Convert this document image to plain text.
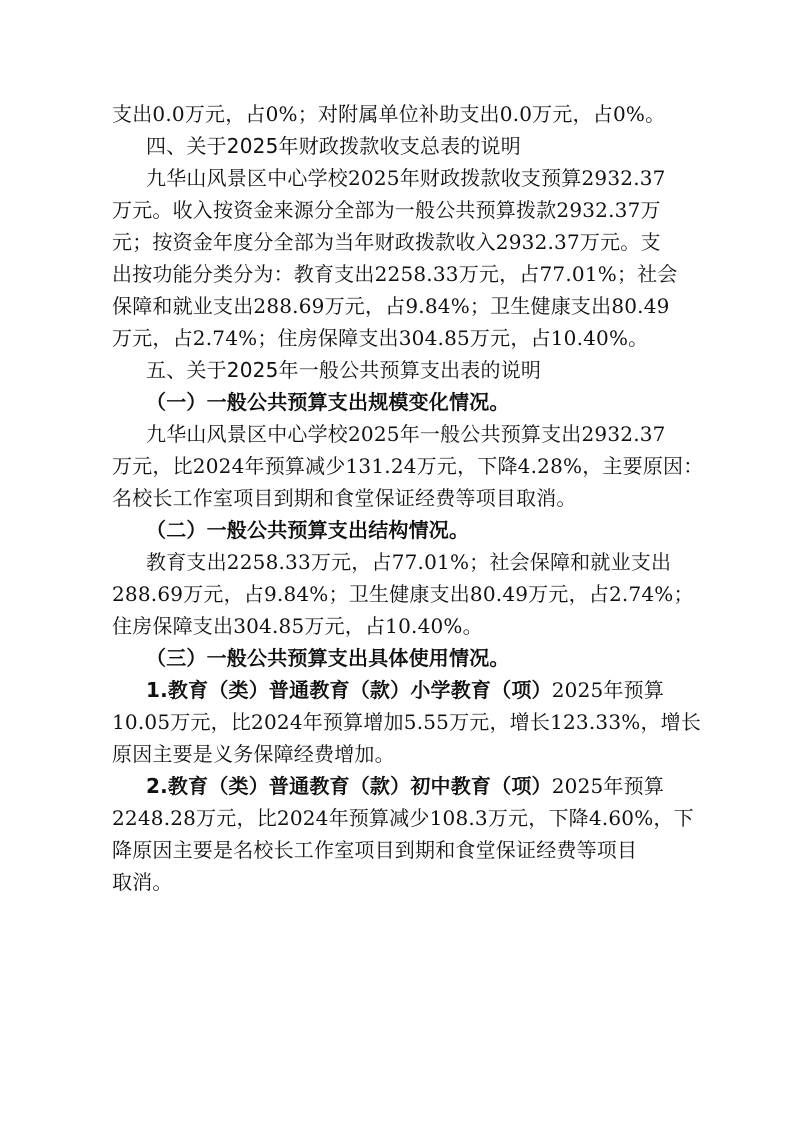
支出0.0万元，占0%；对附属单位补助支出0.0万元，占0%。
四、关于2025年财政拨款收支总表的说明
九华山风景区中心学校2025年财政拨款收支预算2932.37
万元。收入按资金来源分全部为一般公共预算拨款2932.37万
元；按资金年度分全部为当年财政拨款收入2932.37万元。支
出按功能分类分为：教育支出2258.33万元，占77.01%；社会
保障和就业支出288.69万元，占9.84%；卫生健康支出80.49
万元，占2.74%；住房保障支出304.85万元，占10.40%。
五、关于2025年一般公共预算支出表的说明
（一）一般公共预算支出规模变化情况。
九华山风景区中心学校2025年一般公共预算支出2932.37
万元，比2024年预算减少131.24万元，下降4.28%，主要原因：
名校长工作室项目到期和食堂保证经费等项目取消。
（二）一般公共预算支出结构情况。
教育支出2258.33万元，占77.01%；社会保障和就业支出
288.69万元，占9.84%；卫生健康支出80.49万元，占2.74%；
住房保障支出304.85万元，占10.40%。
（三）一般公共预算支出具体使用情况。
1.教育（类）普通教育（款）小学教育（项）2025年预算
10.05万元，比2024年预算增加5.55万元，增长123.33%，增长
原因主要是义务保障经费增加。
2.教育（类）普通教育（款）初中教育（项）2025年预算
2248.28万元，比2024年预算减少108.3万元，下降4.60%，下
降原因主要是名校长工作室项目到期和食堂保证经费等项目
取消。
